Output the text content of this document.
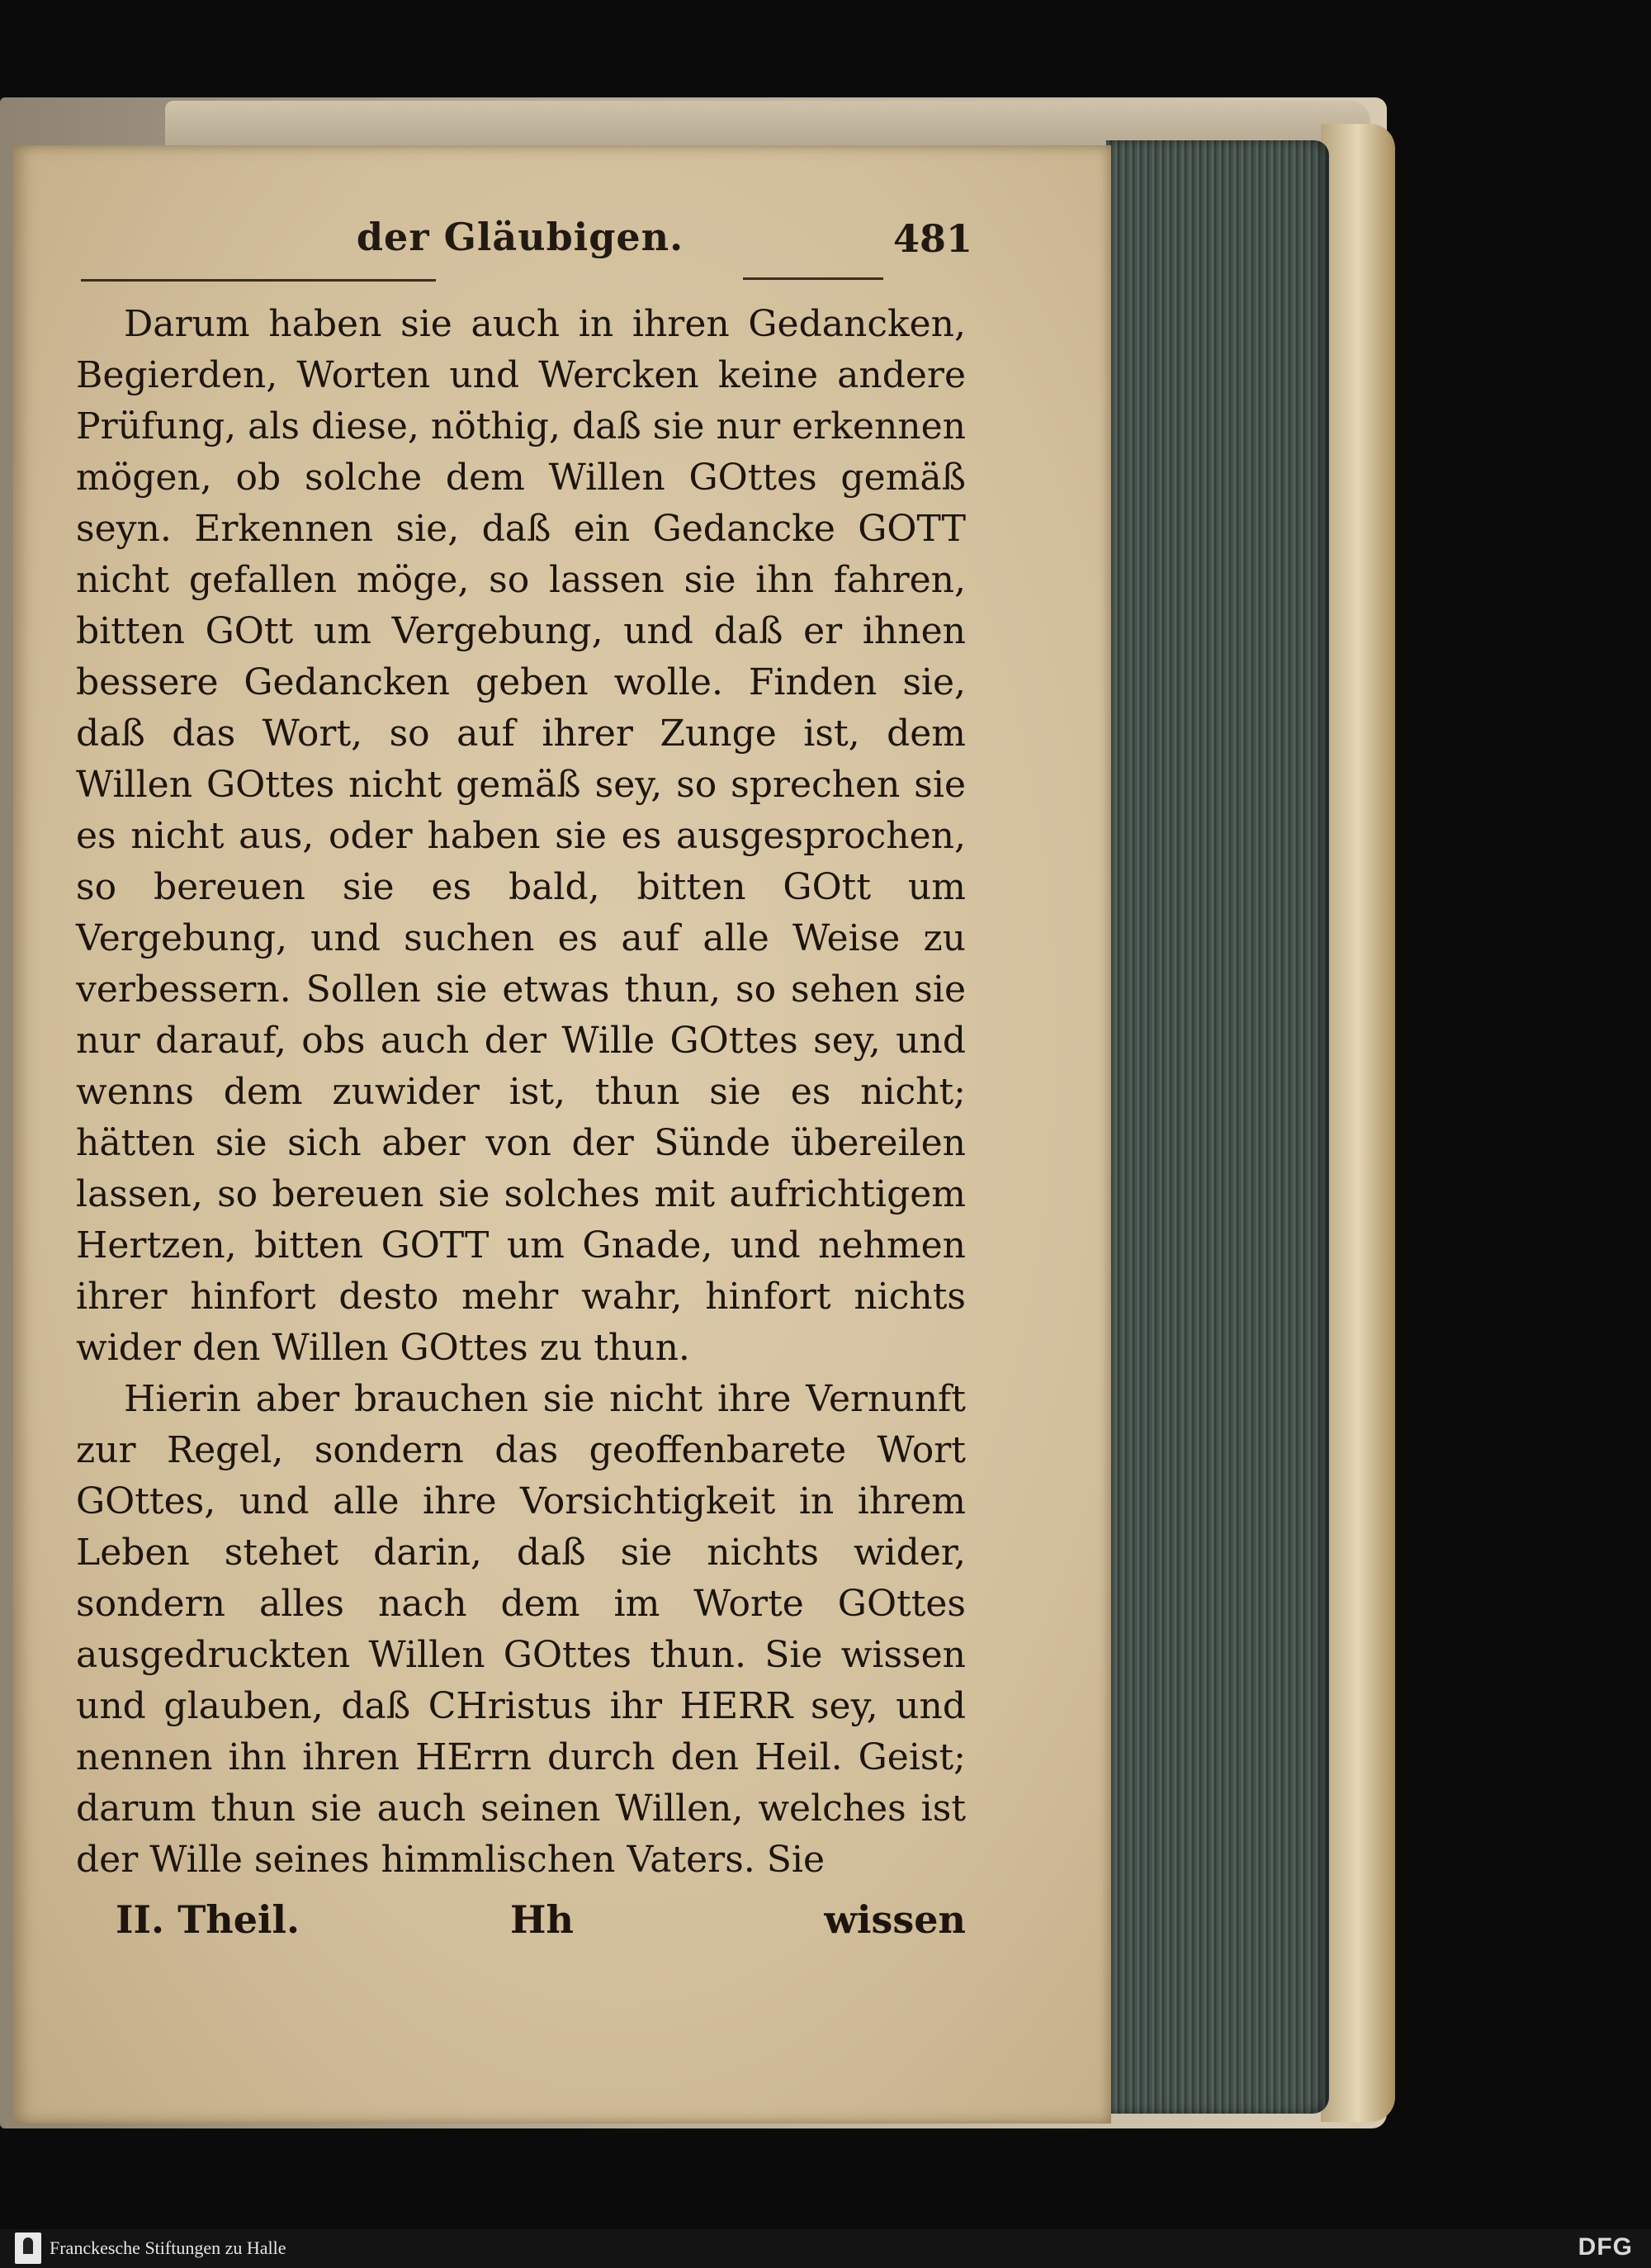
der Gläubigen.	481

Darum haben sie auch in ihren Gedancken, Begierden, Worten und Wercken keine andere Prüfung, als diese, nöthig, daß sie nur erkennen mögen, ob solche dem Willen GOttes gemäß seyn. Erkennen sie, daß ein Gedancke GOTT nicht gefallen möge, so lassen sie ihn fahren, bitten GOtt um Vergebung, und daß er ihnen bessere Gedancken geben wolle. Finden sie, daß das Wort, so auf ihrer Zunge ist, dem Willen GOttes nicht gemäß sey, so sprechen sie es nicht aus, oder haben sie es ausgesprochen, so bereuen sie es bald, bitten GOtt um Vergebung, und suchen es auf alle Weise zu verbessern. Sollen sie etwas thun, so sehen sie nur darauf, obs auch der Wille GOttes sey, und wenns dem zuwider ist, thun sie es nicht; hätten sie sich aber von der Sünde übereilen lassen, so bereuen sie solches mit aufrichtigem Hertzen, bitten GOTT um Gnade, und nehmen ihrer hinfort desto mehr wahr, hinfort nichts wider den Willen GOttes zu thun.

Hierin aber brauchen sie nicht ihre Vernunft zur Regel, sondern das geoffenbarete Wort GOttes, und alle ihre Vorsichtigkeit in ihrem Leben stehet darin, daß sie nichts wider, sondern alles nach dem im Worte GOttes ausgedruckten Willen GOttes thun. Sie wissen und glauben, daß CHristus ihr HERR sey, und nennen ihn ihren HErrn durch den Heil. Geist; darum thun sie auch seinen Willen, welches ist der Wille seines himmlischen Vaters. Sie

II. Theil.	Hh	wissen
Franckesche Stiftungen zu Halle	DFG
